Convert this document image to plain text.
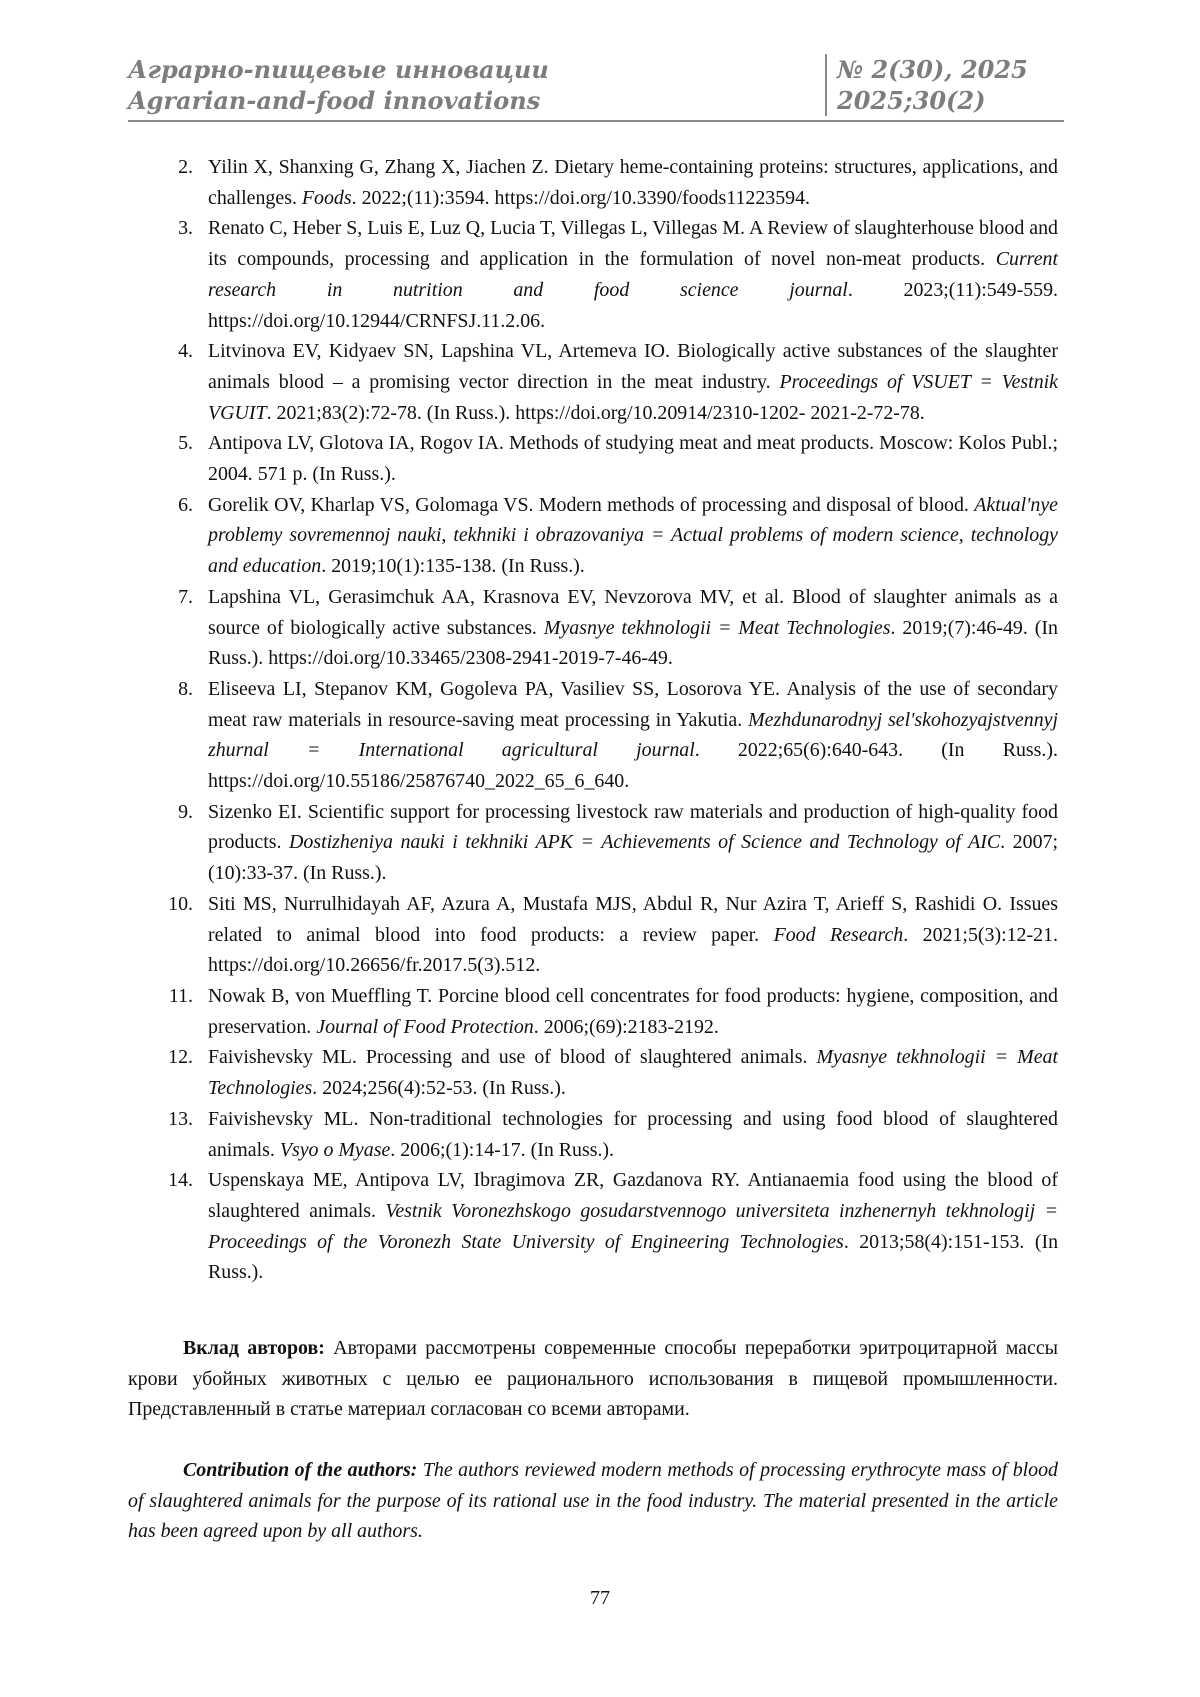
Аграрно-пищевые инновации
Agrarian-and-food innovations
№ 2(30), 2025
2025;30(2)
2. Yilin X, Shanxing G, Zhang X, Jiachen Z. Dietary heme-containing proteins: structures, ap­plications, and challenges. Foods. 2022;(11):3594. https://doi.org/10.3390/foods11223594.
3. Renato C, Heber S, Luis E, Luz Q, Lucia T, Villegas L, Villegas M. A Review of slaughter­house blood and its compounds, processing and application in the formulation of novel non-meat products. Current research in nutrition and food science journal. 2023;(11):549-559. https://doi.org/10.12944/CRNFSJ.11.2.06.
4. Litvinova EV, Kidyaev SN, Lapshina VL, Artemeva IO. Biologically active substances of the slaughter animals blood – a promising vector direction in the meat industry. Proceed­ings of VSUET = Vestnik VGUIT. 2021;83(2):72-78. (In Russ.). https://doi.org/10.20914/2310-1202- 2021-2-72-78.
5. Antipova LV, Glotova IA, Rogov IA. Methods of studying meat and meat products. Mos­cow: Kolos Publ.; 2004. 571 p. (In Russ.).
6. Gorelik OV, Kharlap VS, Golomaga VS. Modern methods of processing and disposal of blood. Aktual'nye problemy sovremennoj nauki, tekhniki i obrazovaniya = Actual problems of modern science, technology and education. 2019;10(1):135-138. (In Russ.).
7. Lapshina VL, Gerasimchuk AA, Krasnova EV, Nevzorova MV, et al. Blood of slaughter an­imals as a source of biologically active substances. Myasnye tekhnologii = Meat Technolo­gies. 2019;(7):46-49. (In Russ.). https://doi.org/10.33465/2308-2941-2019-7-46-49.
8. Eliseeva LI, Stepanov KM, Gogoleva PA, Vasiliev SS, Losorova YE. Analysis of the use of secondary meat raw materials in resource-saving meat processing in Yakutia. Mezhdu­narodnyj sel'skohozyajstvennyj zhurnal = International agricultural journal. 2022;65(6):640-643. (In Russ.). https://doi.org/10.55186/25876740_2022_65_6_640.
9. Sizenko EI. Scientific support for processing livestock raw materials and production of high-quality food products. Dostizheniya nauki i tekhniki APK = Achievements of Science and Technology of AIC. 2007;(10):33-37. (In Russ.).
10. Siti MS, Nurrulhidayah AF, Azura A, Mustafa MJS, Abdul R, Nur Azira T, Arieff S, Ra­shidi O. Issues related to animal blood into food products: a review paper. Food Research. 2021;5(3):12-21. https://doi.org/10.26656/fr.2017.5(3).512.
11. Nowak B, von Mueffling T. Porcine blood cell concentrates for food products: hygiene, composition, and preservation. Journal of Food Protection. 2006;(69):2183-2192.
12. Faivishevsky ML. Processing and use of blood of slaughtered animals. Myasnye tekhnologii = Meat Technologies. 2024;256(4):52-53. (In Russ.).
13. Faivishevsky ML. Non-traditional technologies for processing and using food blood of slaughtered animals. Vsyo o Myase. 2006;(1):14-17. (In Russ.).
14. Uspenskaya ME, Antipova LV, Ibragimova ZR, Gazdanova RY. Antianaemia food using the blood of slaughtered animals. Vestnik Voronezhskogo gosudarstvennogo universiteta in­zhenernyh tekhnologij = Proceedings of the Voronezh State University of Engineering Technologies. 2013;58(4):151-153. (In Russ.).

Вклад авторов: Авторами рассмотрены современные способы переработки эритроци­тарной массы крови убойных животных с целью ее рационального использования в пищевой промышленности. Представленный в статье материал согласован со всеми авторами.

Contribution of the authors: The authors reviewed modern methods of processing erythrocyte mass of blood of slaughtered animals for the purpose of its rational use in the food industry. The material presented in the article has been agreed upon by all authors.

77
